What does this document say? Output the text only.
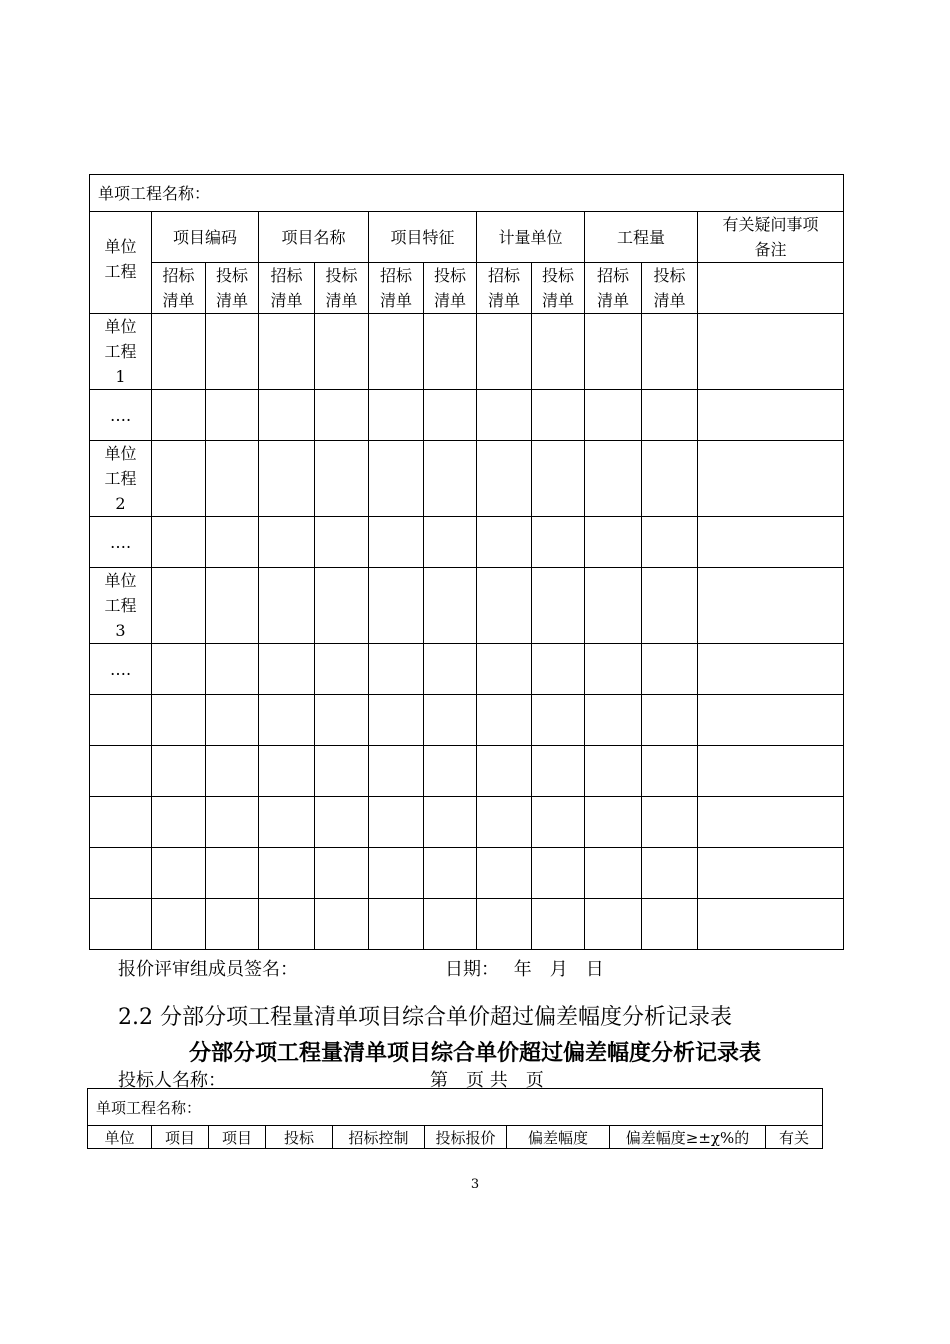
单项工程名称：											

单位工程	项目编码		项目名称		项目特征		计量单位		工程量		有关疑问事项备注
	招标清单	投标清单	招标清单	投标清单	招标清单	投标清单	招标清单	投标清单	招标清单	投标清单	
单位工程1											
….											
单位工程2											
….											
单位工程3											
….											

报价评审组成员签名：	日期：　 年　月　日
2.2 分部分项工程量清单项目综合单价超过偏差幅度分析记录表
分部分项工程量清单项目综合单价超过偏差幅度分析记录表
投标人名称：	第　页 共　页
单项工程名称：
单位	项目	项目	投标	招标控制	投标报价	偏差幅度	偏差幅度≥±χ%的	有关
3
